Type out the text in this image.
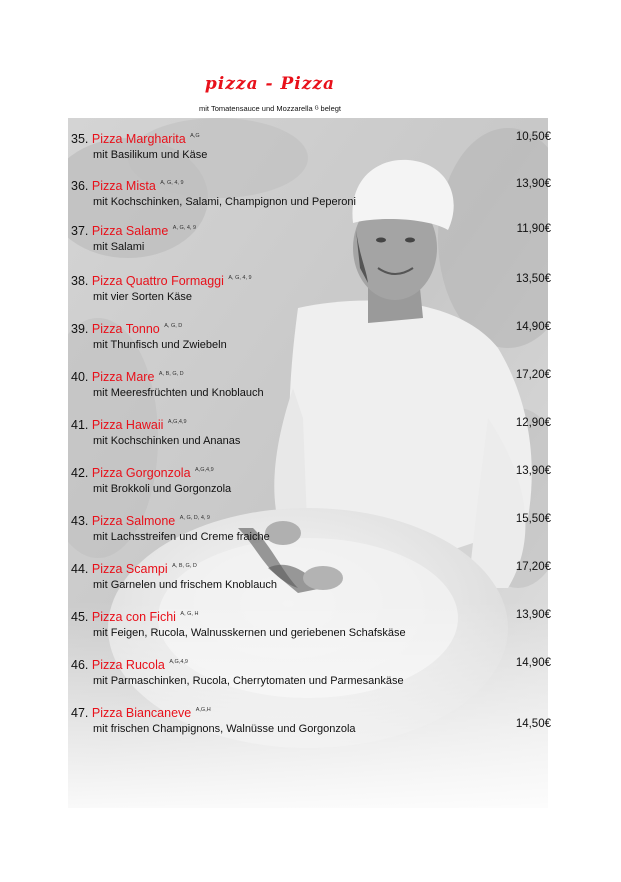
pizza - Pizza
mit Tomatensauce und Mozzarella ᴳ belegt
35. Pizza Margharita $^{A,G}$
mit Basilikum und Käse
10,50€
36. Pizza Mista $^{A, G, 4, 9}$
mit Kochschinken, Salami, Champignon und Peperoni
13,90€
37. Pizza Salame $^{A, G, 4, 9}$
mit Salami
11,90€
38. Pizza Quattro Formaggi $^{A, G, 4, 9}$
mit vier Sorten Käse
13,50€
39. Pizza Tonno $^{A, G, D}$
mit Thunfisch und Zwiebeln
14,90€
40. Pizza Mare $^{A, B, G, D}$
mit Meeresfrüchten und Knoblauch
17,20€
41. Pizza Hawaii $^{A,G,4,9}$
mit Kochschinken und Ananas
12,90€
42. Pizza Gorgonzola $^{A,G,4,9}$
mit Brokkoli und Gorgonzola
13,90€
43. Pizza Salmone $^{A, G, D, 4, 9}$
mit Lachsstreifen und Creme fraiche
15,50€
44. Pizza Scampi $^{A, B, G, D}$
mit Garnelen und frischem Knoblauch
17,20€
45. Pizza con Fichi $^{A, G, H}$
mit Feigen, Rucola, Walnusskernen und geriebenen Schafskäse
13,90€
46. Pizza Rucola $^{A,G,4,9}$
mit Parmaschinken, Rucola, Cherrytomaten und Parmesankäse
14,90€
47. Pizza Biancaneve $^{A,G,H}$
mit frischen Champignons, Walnüsse und Gorgonzola	14,50€
